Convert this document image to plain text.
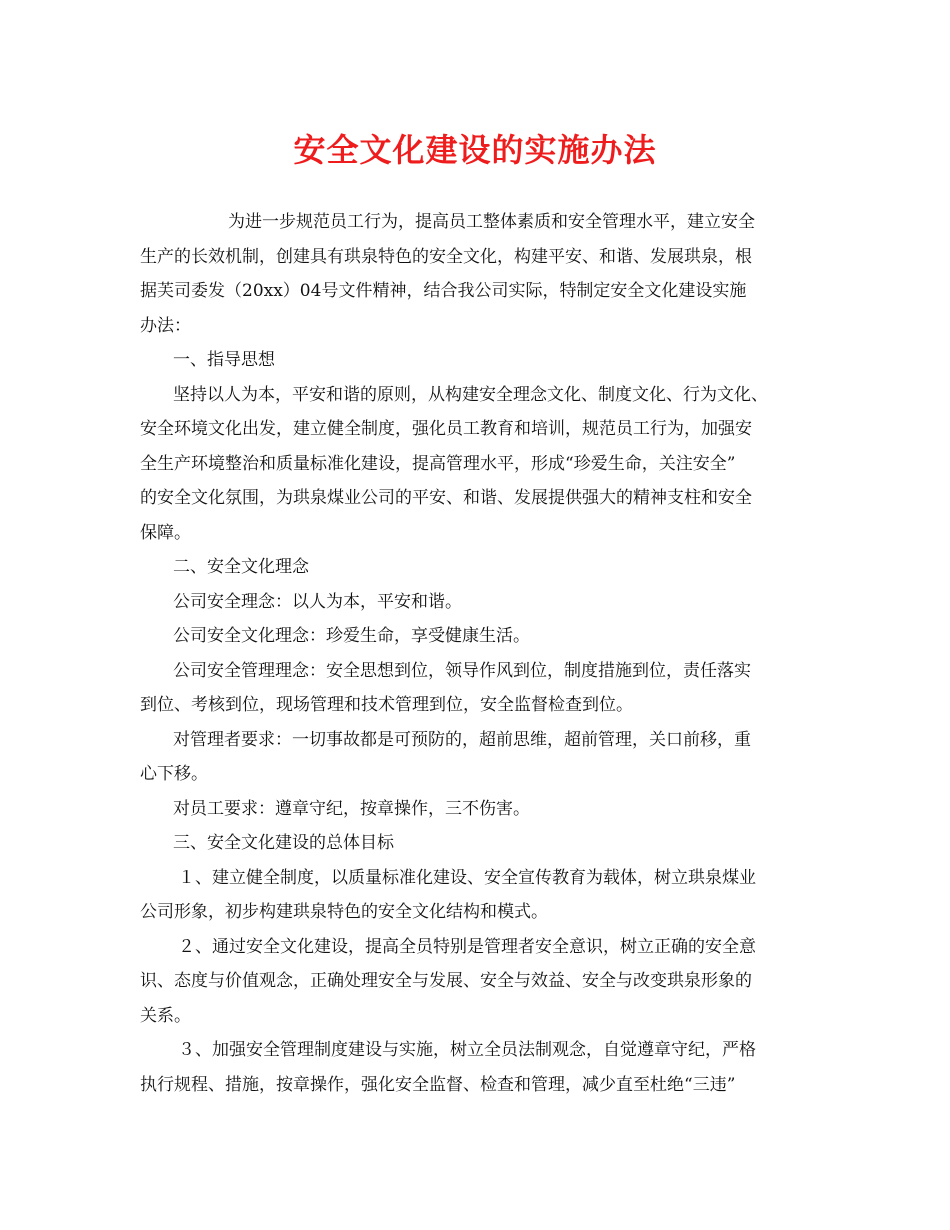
安全文化建设的实施办法

为进一步规范员工行为，提高员工整体素质和安全管理水平，建立安全

生产的长效机制，创建具有珙泉特色的安全文化，构建平安、和谐、发展珙泉，根

据芙司委发（20xx）04号文件精神，结合我公司实际，特制定安全文化建设实施

办法：

一、指导思想

坚持以人为本，平安和谐的原则，从构建安全理念文化、制度文化、行为文化、

安全环境文化出发，建立健全制度，强化员工教育和培训，规范员工行为，加强安

全生产环境整治和质量标准化建设，提高管理水平，形成“珍爱生命，关注安全”

的安全文化氛围，为珙泉煤业公司的平安、和谐、发展提供强大的精神支柱和安全

保障。

二、安全文化理念

公司安全理念：以人为本，平安和谐。

公司安全文化理念：珍爱生命，享受健康生活。

公司安全管理理念：安全思想到位，领导作风到位，制度措施到位，责任落实

到位、考核到位，现场管理和技术管理到位，安全监督检查到位。

对管理者要求：一切事故都是可预防的，超前思维，超前管理，关口前移，重

心下移。

对员工要求：遵章守纪，按章操作，三不伤害。

三、安全文化建设的总体目标

１、建立健全制度，以质量标准化建设、安全宣传教育为载体，树立珙泉煤业

公司形象，初步构建珙泉特色的安全文化结构和模式。

２、通过安全文化建设，提高全员特别是管理者安全意识，树立正确的安全意

识、态度与价值观念，正确处理安全与发展、安全与效益、安全与改变珙泉形象的

关系。

３、加强安全管理制度建设与实施，树立全员法制观念，自觉遵章守纪，严格

执行规程、措施，按章操作，强化安全监督、检查和管理，减少直至杜绝“三违”
